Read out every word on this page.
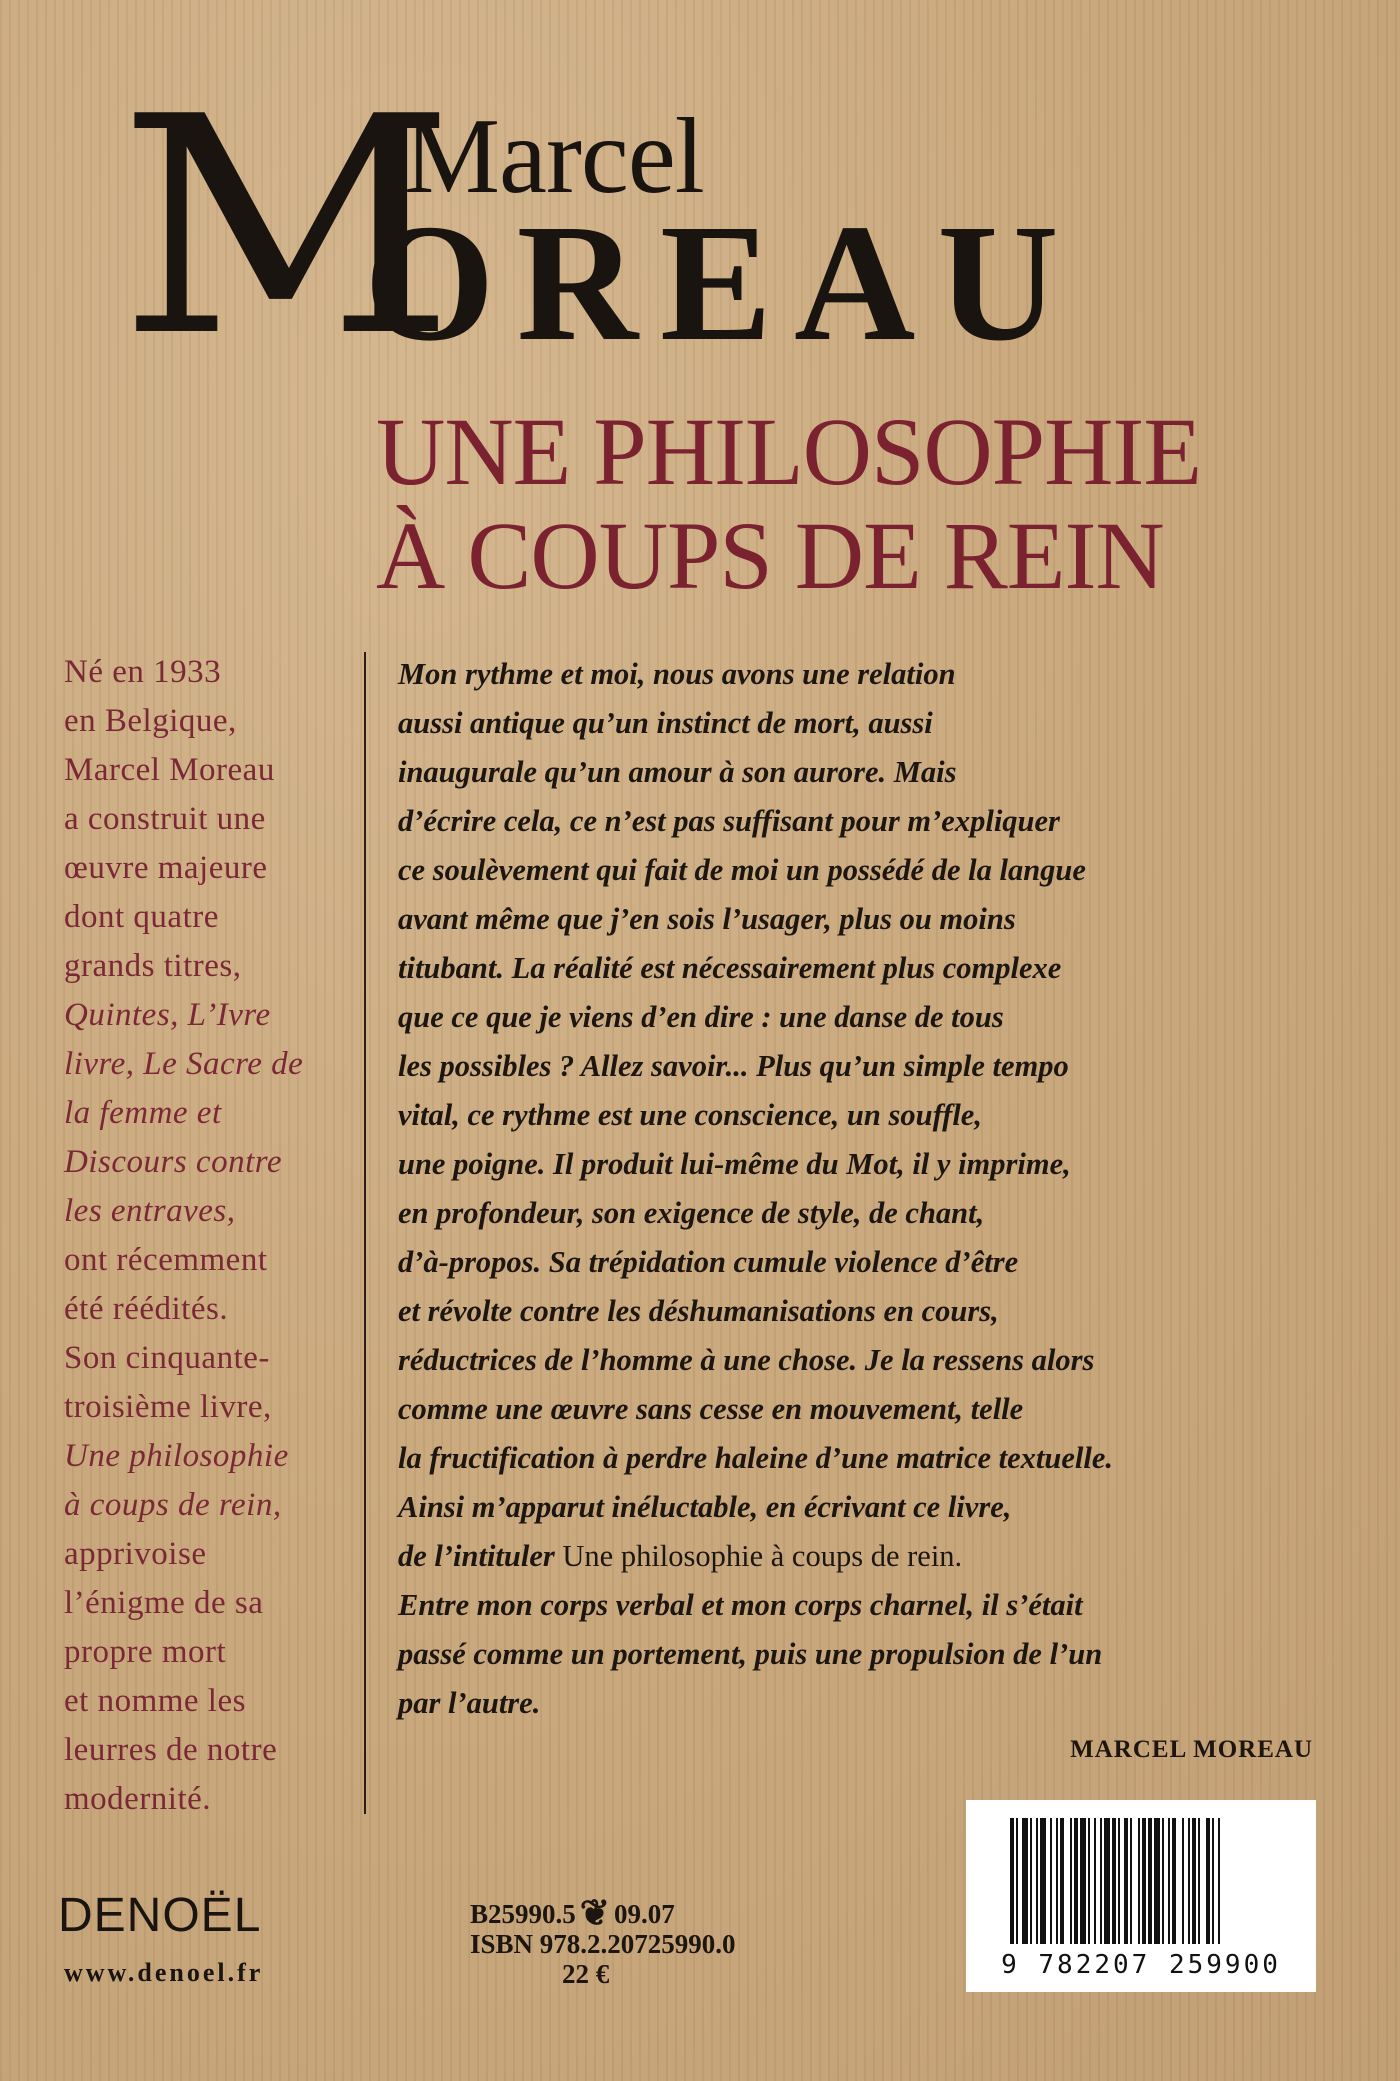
M
Marcel
OREAU
UNE PHILOSOPHIE
À COUPS DE REIN
Né en 1933
en Belgique,
Marcel Moreau
a construit une
œuvre majeure
dont quatre
grands titres,
Quintes, L’Ivre
livre, Le Sacre de
la femme et
Discours contre
les entraves,
ont récemment
été réédités.
Son cinquante-
troisième livre,
Une philosophie
à coups de rein,
apprivoise
l’énigme de sa
propre mort
et nomme les
leurres de notre
modernité.
Mon rythme et moi, nous avons une relation
aussi antique qu’un instinct de mort, aussi
inaugurale qu’un amour à son aurore. Mais
d’écrire cela, ce n’est pas suffisant pour m’expliquer
ce soulèvement qui fait de moi un possédé de la langue
avant même que j’en sois l’usager, plus ou moins
titubant. La réalité est nécessairement plus complexe
que ce que je viens d’en dire : une danse de tous
les possibles ? Allez savoir... Plus qu’un simple tempo
vital, ce rythme est une conscience, un souffle,
une poigne. Il produit lui-même du Mot, il y imprime,
en profondeur, son exigence de style, de chant,
d’à-propos. Sa trépidation cumule violence d’être
et révolte contre les déshumanisations en cours,
réductrices de l’homme à une chose. Je la ressens alors
comme une œuvre sans cesse en mouvement, telle
la fructification à perdre haleine d’une matrice textuelle.
Ainsi m’apparut inéluctable, en écrivant ce livre,
de l’intituler Une philosophie à coups de rein.
Entre mon corps verbal et mon corps charnel, il s’était
passé comme un portement, puis une propulsion de l’un
par l’autre.
MARCEL MOREAU
9 782207 259900
DENOËL
www.denoel.fr
B25990.5 ❦ 09.07
ISBN 978.2.20725990.0
22 €
